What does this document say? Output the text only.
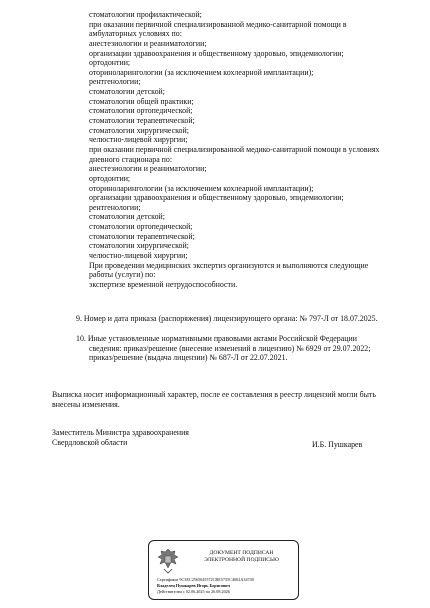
стоматологии профилактической;
при оказании первичной специализированной медико-санитарной помощи в
амбулаторных условиях по:
анестезиологии и реаниматологии;
организации здравоохранения и общественному здоровью, эпидемиологии;
ортодонтии;
оториноларингологии (за исключением кохлеарной имплантации);
рентгенологии;
стоматологии детской;
стоматологии общей практики;
стоматологии ортопедической;
стоматологии терапевтической;
стоматологии хирургической;
челюстно-лицевой хирургии;
при оказании первичной специализированной медико-санитарной помощи в условиях
дневного стационара по:
анестезиологии и реаниматологии;
ортодонтии;
оториноларингологии (за исключением кохлеарной имплантации);
организации здравоохранения и общественному здоровью, эпидемиологии;
рентгенологии;
стоматологии детской;
стоматологии ортопедической;
стоматологии терапевтической;
стоматологии хирургической;
челюстно-лицевой хирургии;
При проведении медицинских экспертиз организуются и выполняются следующие
работы (услуги) по:
экспертизе временной нетрудоспособности.
9. Номер и дата приказа (распоряжения) лицензирующего органа: № 797-Л от 18.07.2025.
10. Иные установленные нормативными правовыми актами Российской Федерации
сведения: приказ/решение (внесение изменений в лицензию) № 6929 от 29.07.2022;
приказ/решение (выдача лицензии) № 687-Л от 22.07.2021.
Выписка носит информационный характер, после ее составления в реестр лицензий могли быть
внесены изменения.
Заместитель Министра здравоохранения
Свердловской области	И.Б. Пушкарев
ДОКУМЕНТ ПОДПИСАН
ЭЛЕКТРОННОЙ ПОДПИСЬЮ
Сертификат 9C3EC2565045572CBE5735C4002A34740
Владелец Пушкарев Игорь Борисович
Действителен с 02.06.2025 по 26.08.2026
